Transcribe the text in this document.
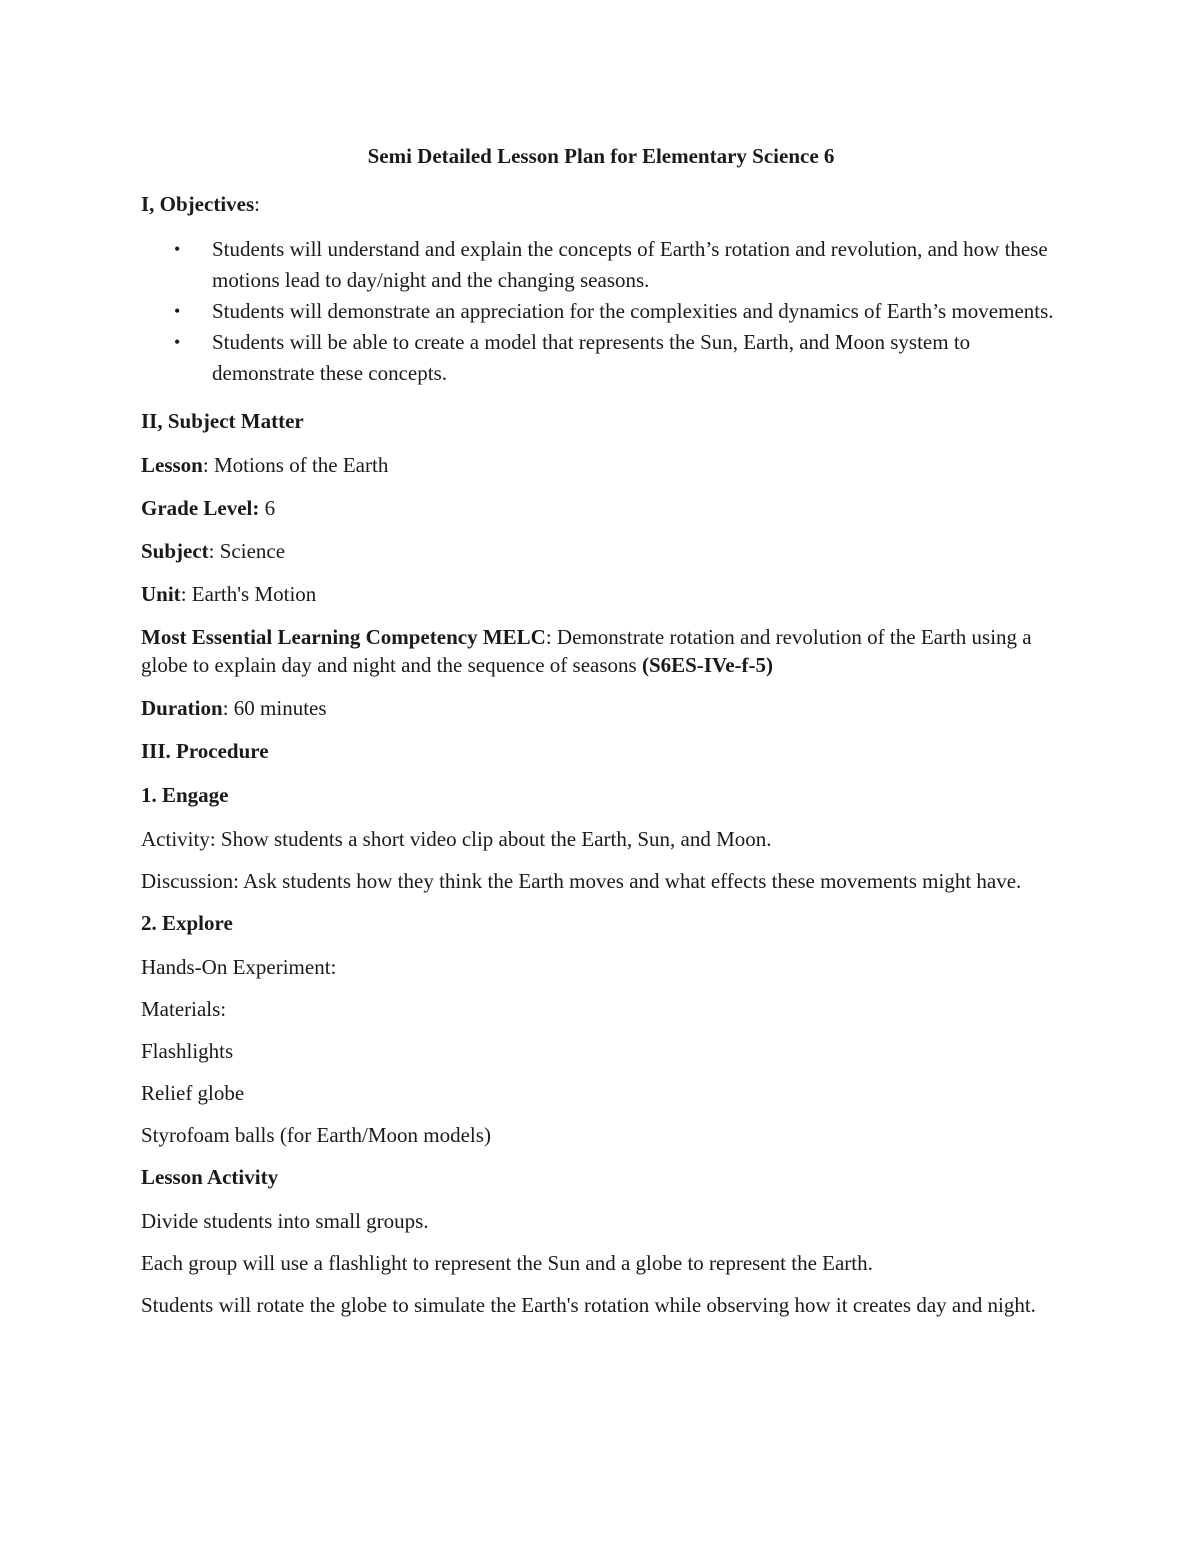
Semi Detailed Lesson Plan for Elementary Science 6
I, Objectives:
• Students will understand and explain the concepts of Earth’s rotation and revolution, and how these motions lead to day/night and the changing seasons.
• Students will demonstrate an appreciation for the complexities and dynamics of Earth’s movements.
• Students will be able to create a model that represents the Sun, Earth, and Moon system to demonstrate these concepts.
II, Subject Matter
Lesson: Motions of the Earth
Grade Level: 6
Subject: Science
Unit: Earth's Motion
Most Essential Learning Competency MELC: Demonstrate rotation and revolution of the Earth using a globe to explain day and night and the sequence of seasons (S6ES-IVe-f-5)
Duration: 60 minutes
III. Procedure
1. Engage
Activity: Show students a short video clip about the Earth, Sun, and Moon.
Discussion: Ask students how they think the Earth moves and what effects these movements might have.
2. Explore
Hands-On Experiment:
Materials:
Flashlights
Relief globe
Styrofoam balls (for Earth/Moon models)
Lesson Activity
Divide students into small groups.
Each group will use a flashlight to represent the Sun and a globe to represent the Earth.
Students will rotate the globe to simulate the Earth's rotation while observing how it creates day and night.
